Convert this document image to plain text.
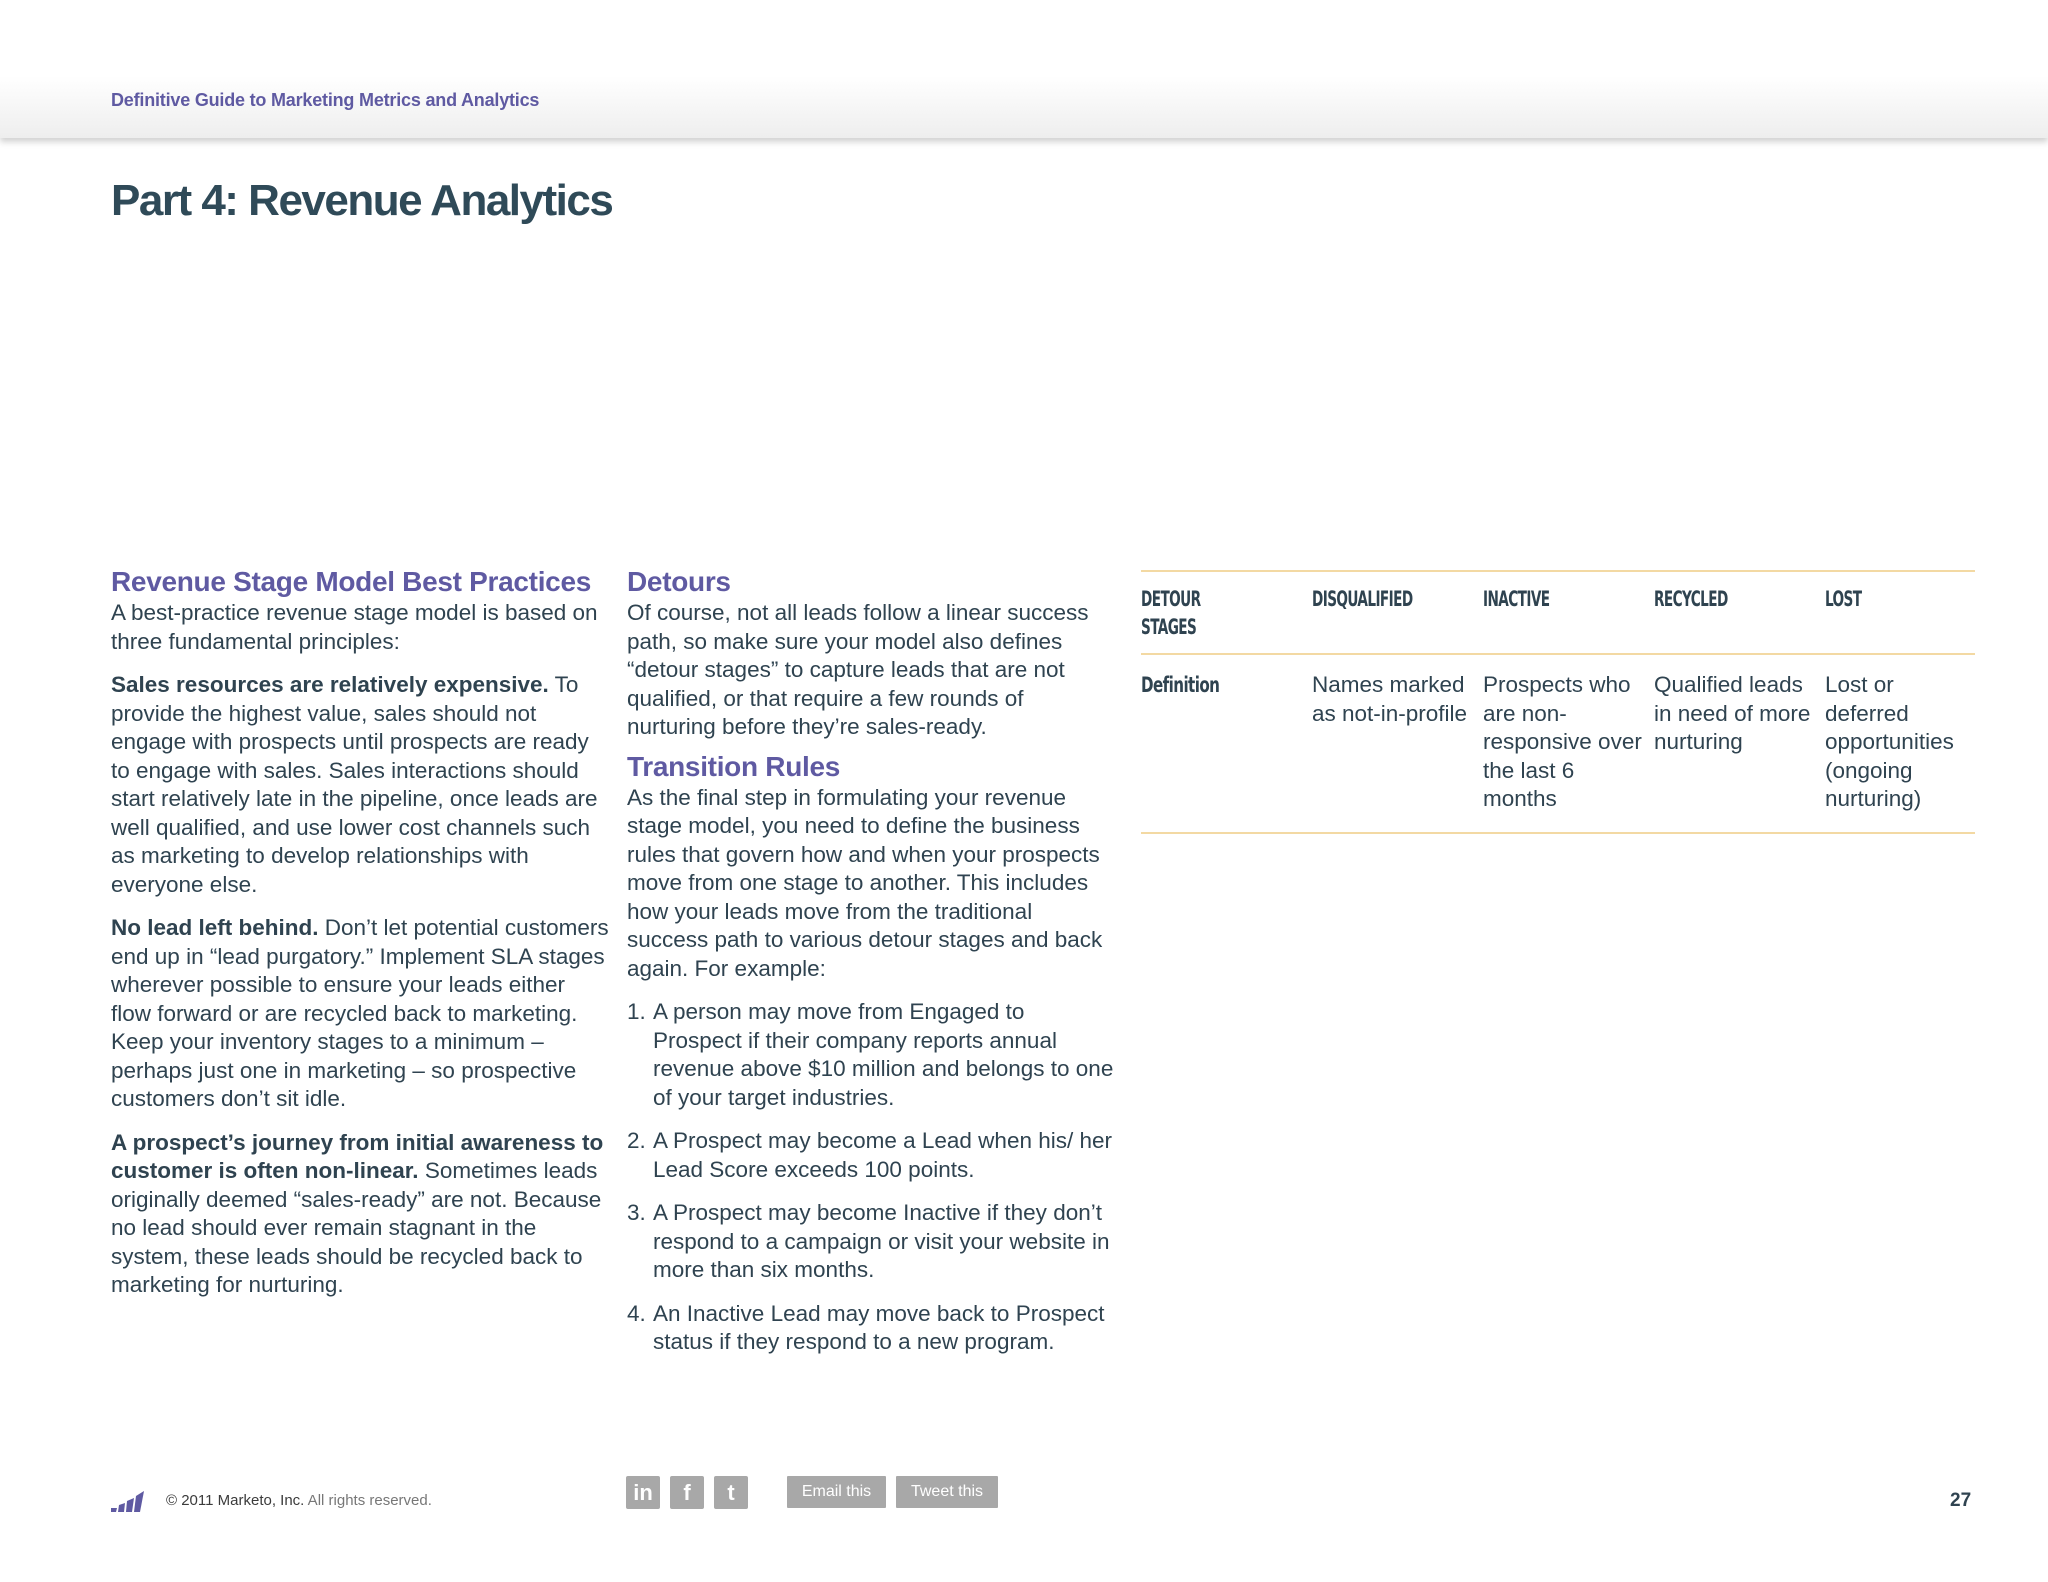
Definitive Guide to Marketing Metrics and Analytics
Part 4: Revenue Analytics
Revenue Stage Model Best Practices

A best-practice revenue stage model is based on three fundamental principles:

Sales resources are relatively expensive. To provide the highest value, sales should not engage with prospects until prospects are ready to engage with sales. Sales interactions should start relatively late in the pipeline, once leads are well qualified, and use lower cost channels such as marketing to develop relationships with everyone else.

No lead left behind. Don’t let potential customers end up in “lead purgatory.” Implement SLA stages wherever possible to ensure your leads either flow forward or are recycled back to marketing. Keep your inventory stages to a minimum – perhaps just one in marketing – so prospective customers don’t sit idle.

A prospect’s journey from initial awareness to customer is often non-linear. Sometimes leads originally deemed “sales-ready” are not. Because no lead should ever remain stagnant in the system, these leads should be recycled back to marketing for nurturing.

Detours

Of course, not all leads follow a linear success path, so make sure your model also defines “detour stages” to capture leads that are not qualified, or that require a few rounds of nurturing before they’re sales-ready.

Transition Rules

As the final step in formulating your revenue stage model, you need to define the business rules that govern how and when your prospects move from one stage to another. This includes how your leads move from the traditional success path to various detour stages and back again. For example:

1. A person may move from Engaged to Prospect if their company reports annual revenue above $10 million and belongs to one of your target industries.
2. A Prospect may become a Lead when his/ her Lead Score exceeds 100 points.
3. A Prospect may become Inactive if they don’t respond to a campaign or visit your website in more than six months.
4. An Inactive Lead may move back to Prospect status if they respond to a new program.
DETOUR
STAGES	DISQUALIFIED	INACTIVE	RECYCLED	LOST
Definition	Names marked as not-in-profile	Prospects who are non-responsive over the last 6 months	Qualified leads in need of more nurturing	Lost or deferred opportunities (ongoing nurturing)
© 2011 Marketo, Inc. All rights reserved.	in	f	t	Email this	Tweet this	27
